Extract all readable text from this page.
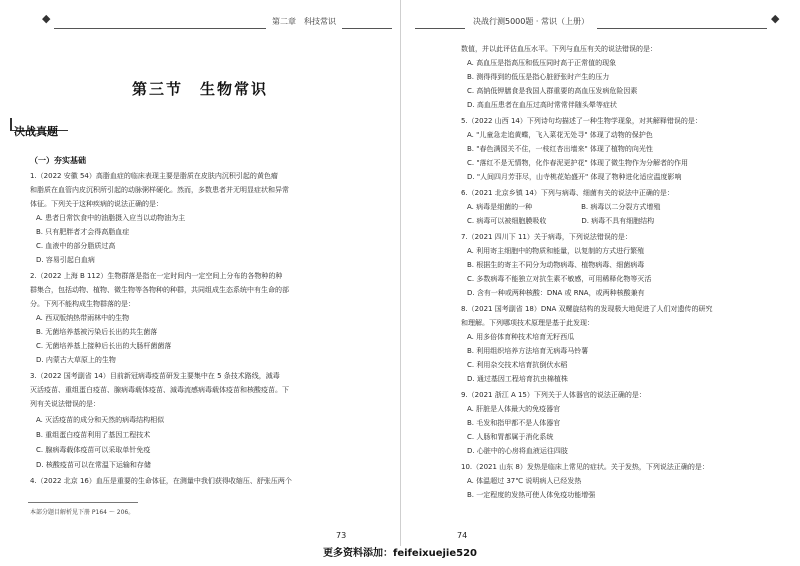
◆	第二章　科技常识
第三节　生物常识
决战真题
（一）夯实基础
1.（2022 安徽 54）高脂血症的临床表现主要是脂质在皮肤内沉积引起的黄色瘤
和脂质在血管内皮沉积所引起的动脉粥样硬化。然而，多数患者并无明显症状和异常
体征。下列关于这种疾病的说法正确的是：
A. 患者日常饮食中的油脂摄入应当以动物油为主
B. 只有肥胖者才会得高脂血症
C. 血液中的部分脂质过高
D. 容易引起白血病
2.（2022 上海 B 112）生物群落是指在一定时间内一定空间上分布的各物种的种
群集合，包括动物、植物、微生物等各物种的种群，共同组成生态系统中有生命的部
分。下列不能构成生物群落的是：
A. 西双版纳热带雨林中的生物
B. 无菌培养基被污染后长出的共生菌落
C. 无菌培养基上接种后长出的大肠杆菌菌落
D. 内蒙古大草原上的生物
3.（2022 国考副省 14）目前新冠病毒疫苗研发主要集中在 5 条技术路线，減毒
灭活疫苗、重组蛋白疫苗、腺病毒载体疫苗、減毒流感病毒载体疫苗和核酸疫苗。下
列有关说法错误的是：
A. 灭活疫苗的成分和天然的病毒结构相似
B. 重组蛋白疫苗利用了基因工程技术
C. 腺病毒载体疫苗可以采取单针免疫
D. 核酸疫苗可以在常温下运输和存储
4.（2022 北京 16）血压是重要的生命体征，在测量中我们获得收缩压、舒张压两个
本部分题目解析见下册 P164 ～ 206。
73
决战行测5000题 · 常识（上册）	◆
数值，并以此评估血压水平。下列与血压有关的说法错误的是：
A. 高血压是指高压和低压同时高于正常值的现象
B. 测得得到的低压是指心脏舒张时产生的压力
C. 高钠低钾膳食是我国人群重要的高血压发病危险因素
D. 高血压患者在血压过高时常常伴随头晕等症状
5.（2022 山西 14）下列诗句均描述了一种生物学现象，对其解释错误的是：
A. "儿童急走追黄蝶，飞入菜花无处寻" 体现了动物的保护色
B. "春色满园关不住，一枝红杏出墙来" 体现了植物的向光性
C. "落红不是无情物，化作春泥更护花" 体现了微生物作为分解者的作用
D. "人间四月芳菲尽，山寺桃花始盛开" 体现了物种进化适应温度影响
6.（2021 北京乡镇 14）下列与病毒、细菌有关的说法中正确的是：
A. 病毒是细菌的一种　　　　　　　B. 病毒以二分裂方式增殖
C. 病毒可以被细胞膜吸收　　　　　D. 病毒不具有细胞结构
7.（2021 四川下 11）关于病毒，下列说法错误的是：
A. 利用寄主细胞中的物质和能量，以复制的方式进行繁殖
B. 根据生的寄主不同分为动物病毒、植物病毒、细菌病毒
C. 多数病毒不能独立对抗生素不敏感，可用稀释化物等灭活
D. 含有一种或两种核酸：DNA 或 RNA，或两种核酸兼有
8.（2021 国考副省 18）DNA 双螺旋结构的发现极大地促进了人们对遗传的研究
和理解。下列哪项技术原理是基于此发现：
A. 用多倍体育种技术培育无籽西瓜
B. 利用组织培养方法培育无病毒马铃薯
C. 利用杂交技术培育抗倒伏水稻
D. 通过基因工程培育抗虫棉植株
9.（2021 浙江 A 15）下列关于人体器官的说法正确的是：
A. 肝脏是人体最大的免疫器官
B. 毛发和指甲都不是人体器官
C. 人肠和胃都属于消化系统
D. 心脏中的心房将血液运往四肢
10.（2021 山东 8）发热是临床上常见的症状。关于发热，下列说法正确的是：
A. 体温超过 37℃ 说明病人已经发热
B. 一定程度的发热可使人体免疫功能增强
74
更多资料添加：feifeixuejie520
